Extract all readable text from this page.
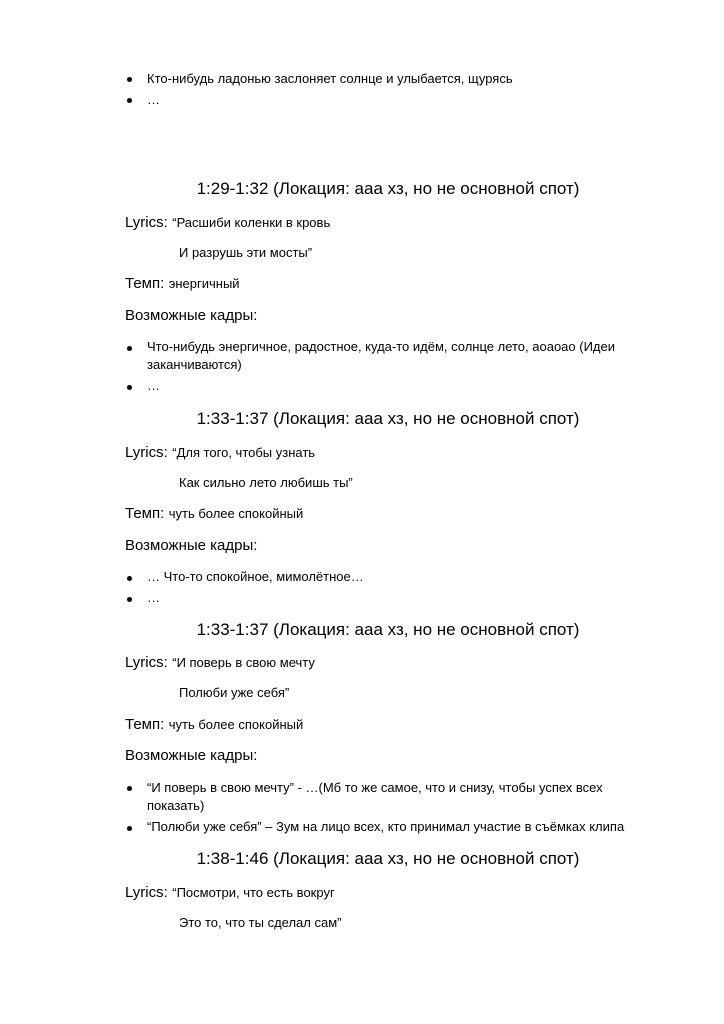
Кто-нибудь ладонью заслоняет солнце и улыбается, щурясь
…
1:29-1:32 (Локация: ааа хз, но не основной спот)
Lyrics: “Расшиби коленки в кровь
И разрушь эти мосты”
Темп: энергичный
Возможные кадры:
Что-нибудь энергичное, радостное, куда-то идём, солнце лето, аоаоао (Идеи заканчиваются)
…
1:33-1:37 (Локация: ааа хз, но не основной спот)
Lyrics: “Для того, чтобы узнать
Как сильно лето любишь ты”
Темп: чуть более спокойный
Возможные кадры:
… Что-то спокойное, мимолётное…
…
1:33-1:37 (Локация: ааа хз, но не основной спот)
Lyrics: “И поверь в свою мечту
Полюби уже себя”
Темп: чуть более спокойный
Возможные кадры:
“И поверь в свою мечту” - …(Мб то же самое, что и снизу, чтобы успех всех показать)
“Полюби уже себя” – Зум на лицо всех, кто принимал участие в съёмках клипа
1:38-1:46 (Локация: ааа хз, но не основной спот)
Lyrics: “Посмотри, что есть вокруг
Это то, что ты сделал сам”
